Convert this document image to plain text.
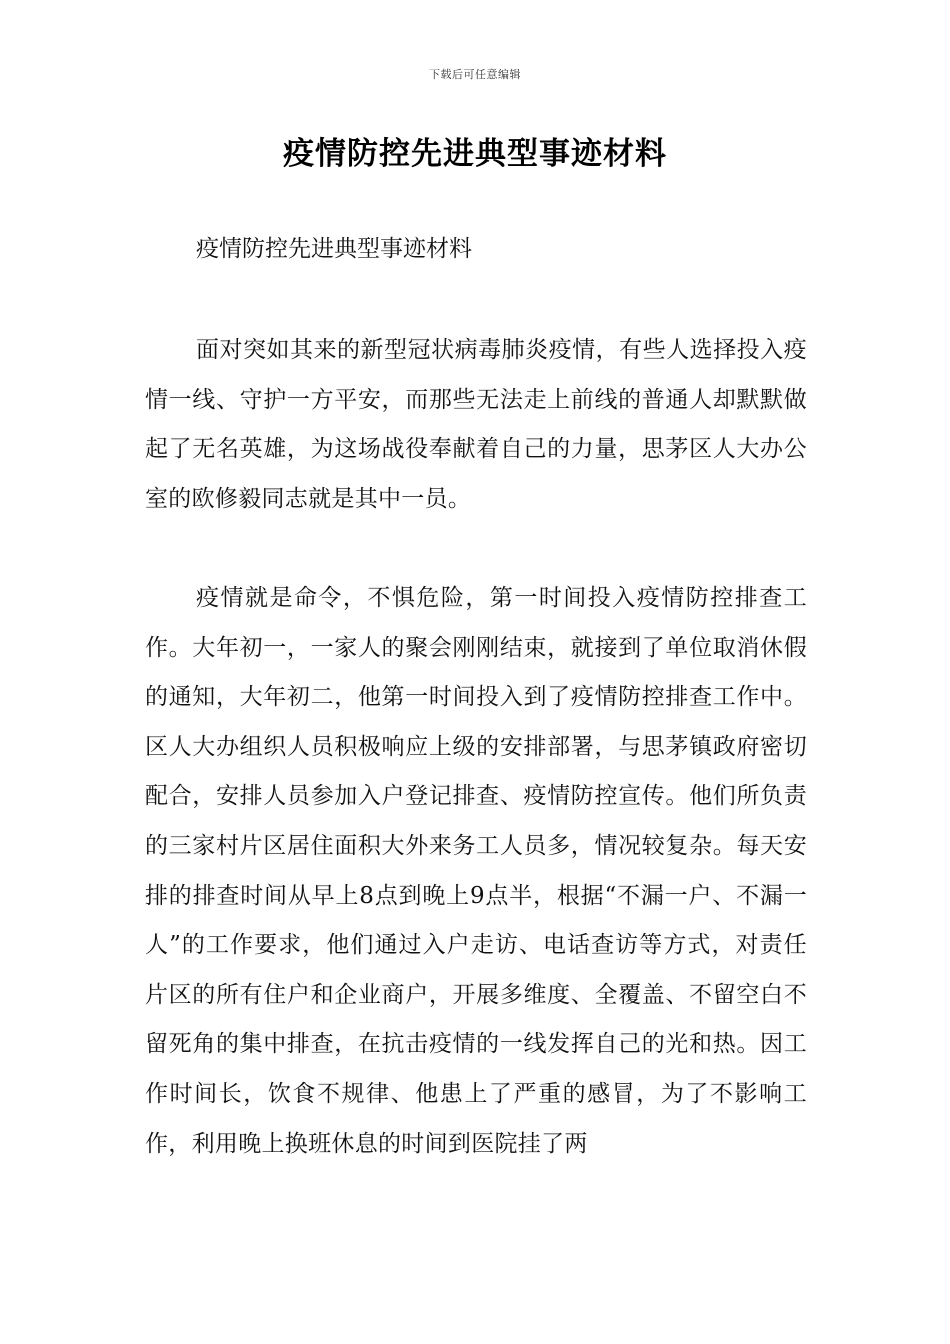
下载后可任意编辑
疫情防控先进典型事迹材料

疫情防控先进典型事迹材料

面对突如其来的新型冠状病毒肺炎疫情，有些人选择投入疫情一线、守护一方平安，而那些无法走上前线的普通人却默默做起了无名英雄，为这场战役奉献着自己的力量，思茅区人大办公室的欧修毅同志就是其中一员。

疫情就是命令，不惧危险，第一时间投入疫情防控排查工作。大年初一，一家人的聚会刚刚结束，就接到了单位取消休假的通知，大年初二，他第一时间投入到了疫情防控排查工作中。区人大办组织人员积极响应上级的安排部署，与思茅镇政府密切配合，安排人员参加入户登记排查、疫情防控宣传。他们所负责的三家村片区居住面积大外来务工人员多，情况较复杂。每天安排的排查时间从早上8点到晚上9点半，根据“不漏一户、不漏一人”的工作要求，他们通过入户走访、电话查访等方式，对责任片区的所有住户和企业商户，开展多维度、全覆盖、不留空白不留死角的集中排查，在抗击疫情的一线发挥自己的光和热。因工作时间长，饮食不规律、他患上了严重的感冒，为了不影响工作，利用晚上换班休息的时间到医院挂了两
